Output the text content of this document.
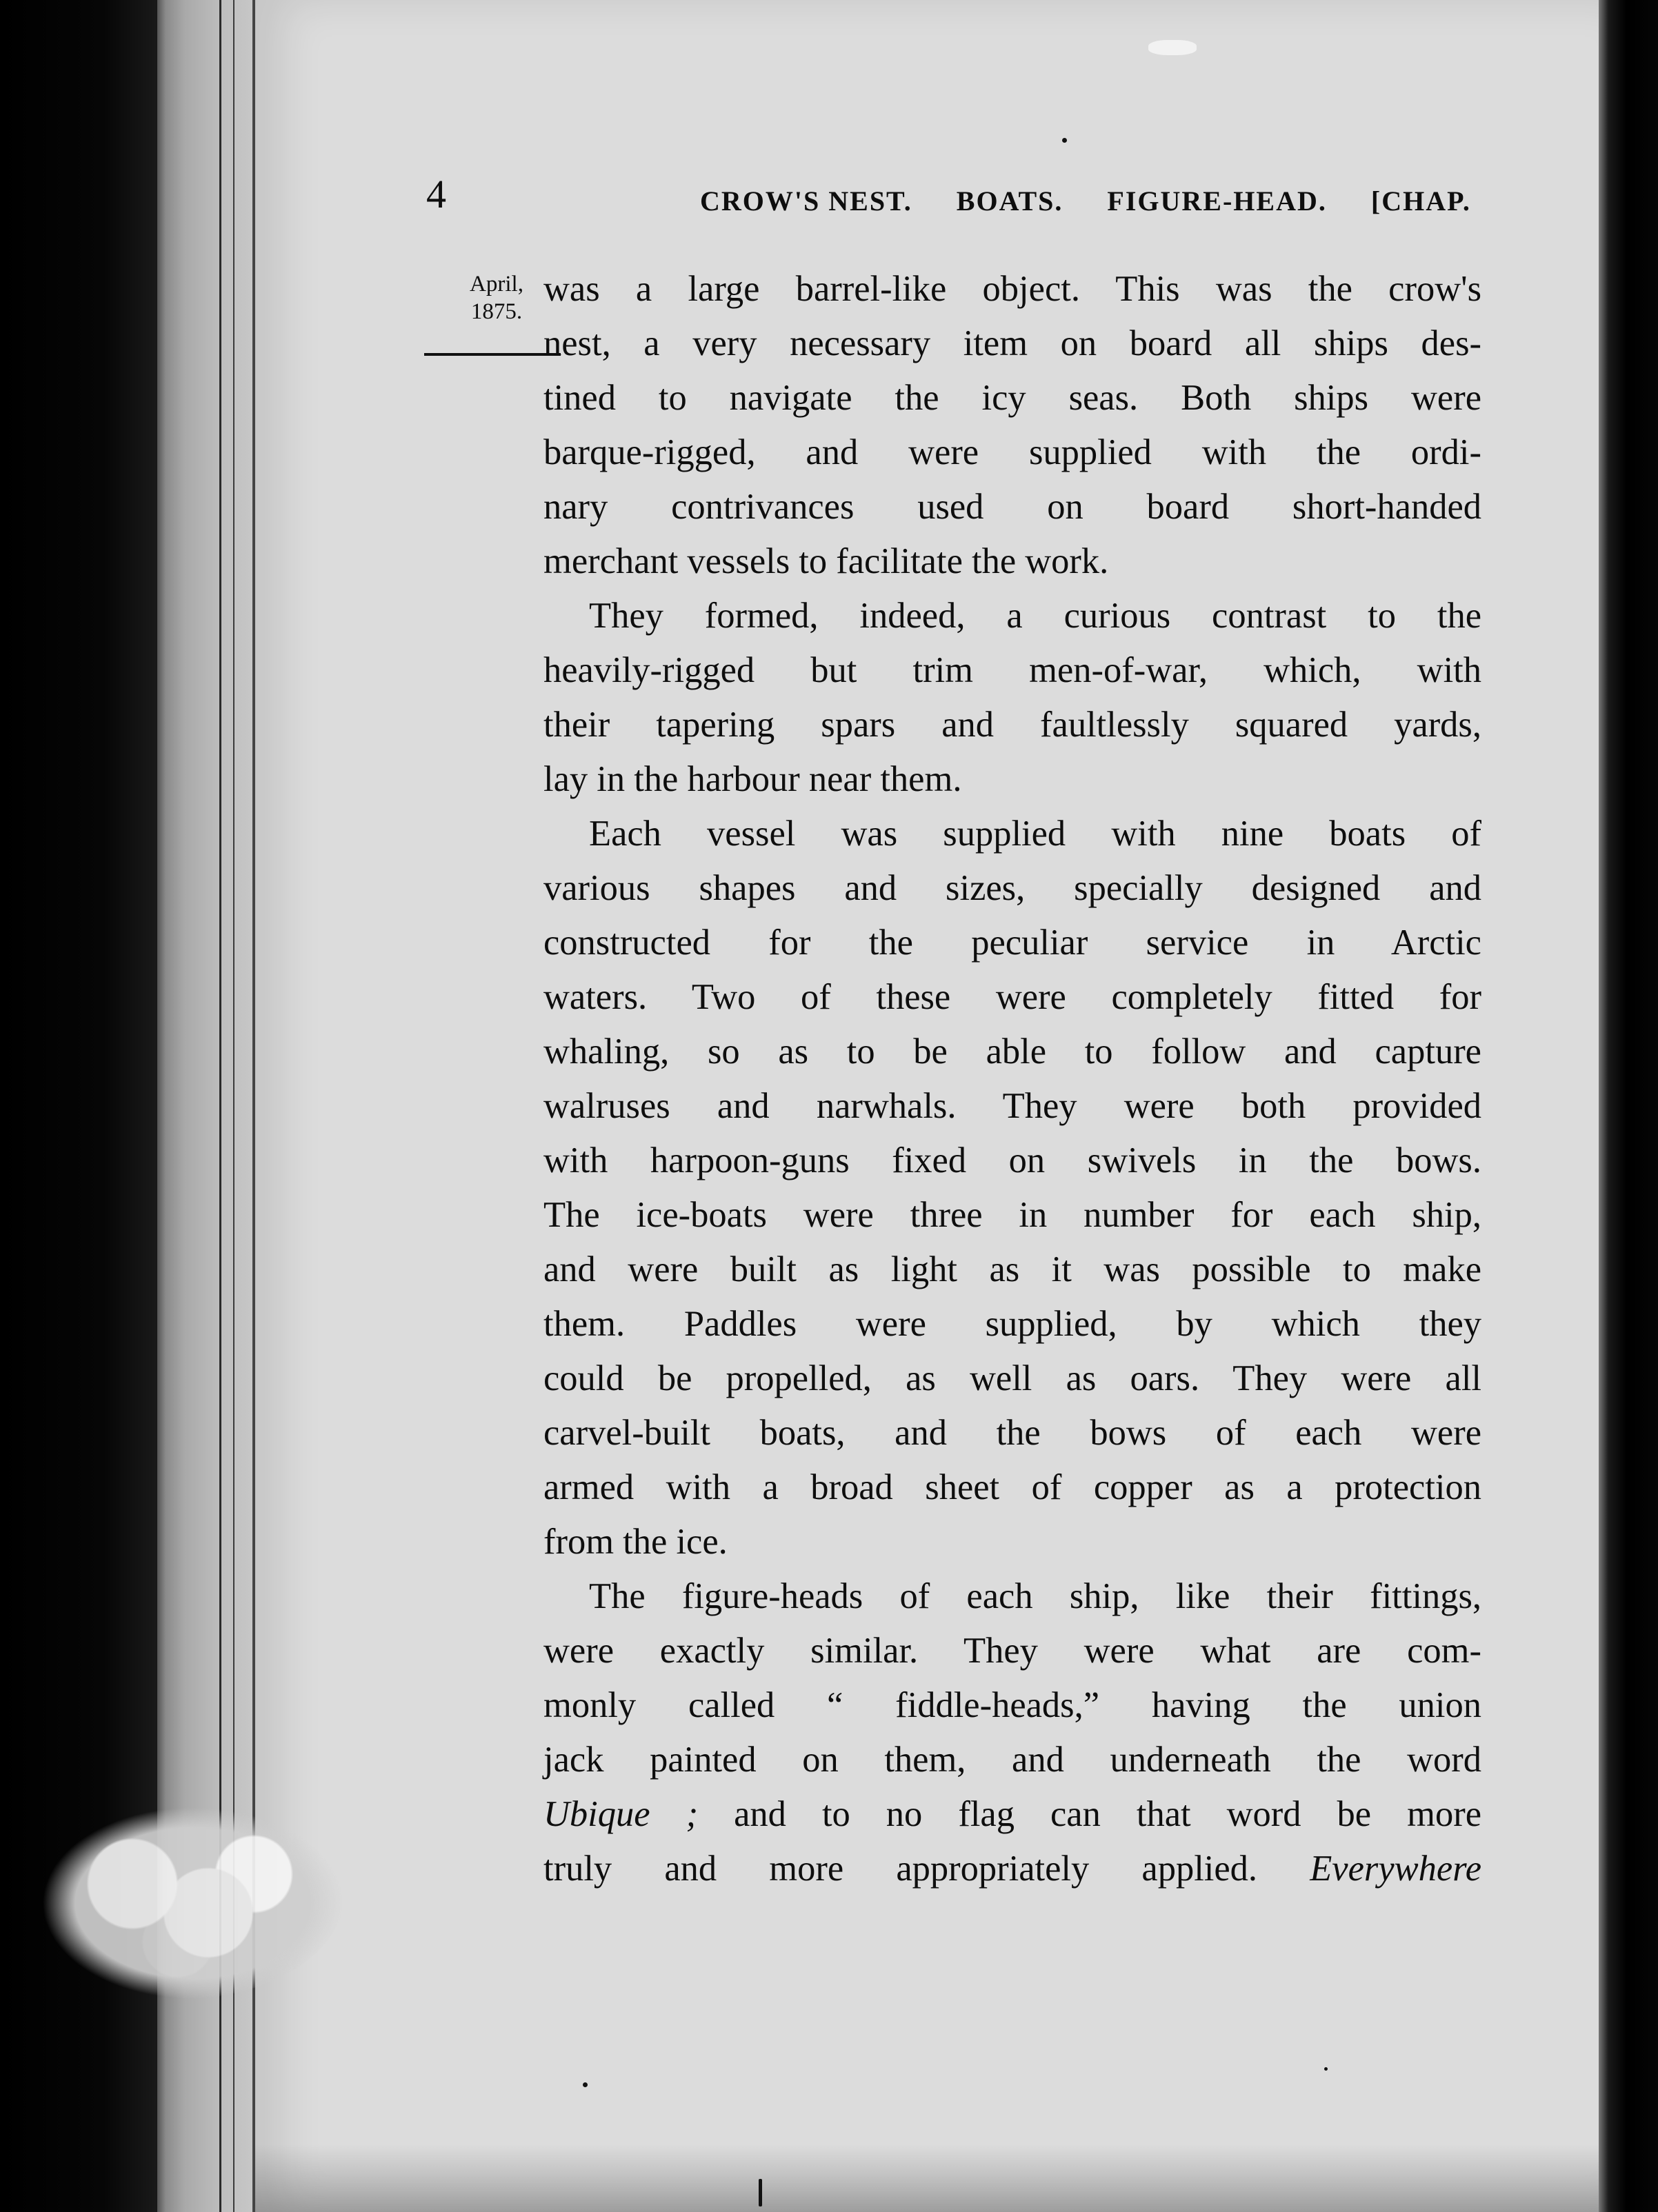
4	CROW'S NEST. BOATS. FIGURE-HEAD. [CHAP.
April,
1875.
was a large barrel-like object. This was the crow's
nest, a very necessary item on board all ships des-
tined to navigate the icy seas. Both ships were
barque-rigged, and were supplied with the ordi-
nary contrivances used on board short-handed
merchant vessels to facilitate the work.
They formed, indeed, a curious contrast to the
heavily-rigged but trim men-of-war, which, with
their tapering spars and faultlessly squared yards,
lay in the harbour near them.
Each vessel was supplied with nine boats of
various shapes and sizes, specially designed and
constructed for the peculiar service in Arctic
waters. Two of these were completely fitted for
whaling, so as to be able to follow and capture
walruses and narwhals. They were both provided
with harpoon-guns fixed on swivels in the bows.
The ice-boats were three in number for each ship,
and were built as light as it was possible to make
them. Paddles were supplied, by which they
could be propelled, as well as oars. They were all
carvel-built boats, and the bows of each were
armed with a broad sheet of copper as a protection
from the ice.
The figure-heads of each ship, like their fittings,
were exactly similar. They were what are com-
monly called “ fiddle-heads,” having the union
jack painted on them, and underneath the word
Ubique ; and to no flag can that word be more
truly and more appropriately applied. Everywhere
